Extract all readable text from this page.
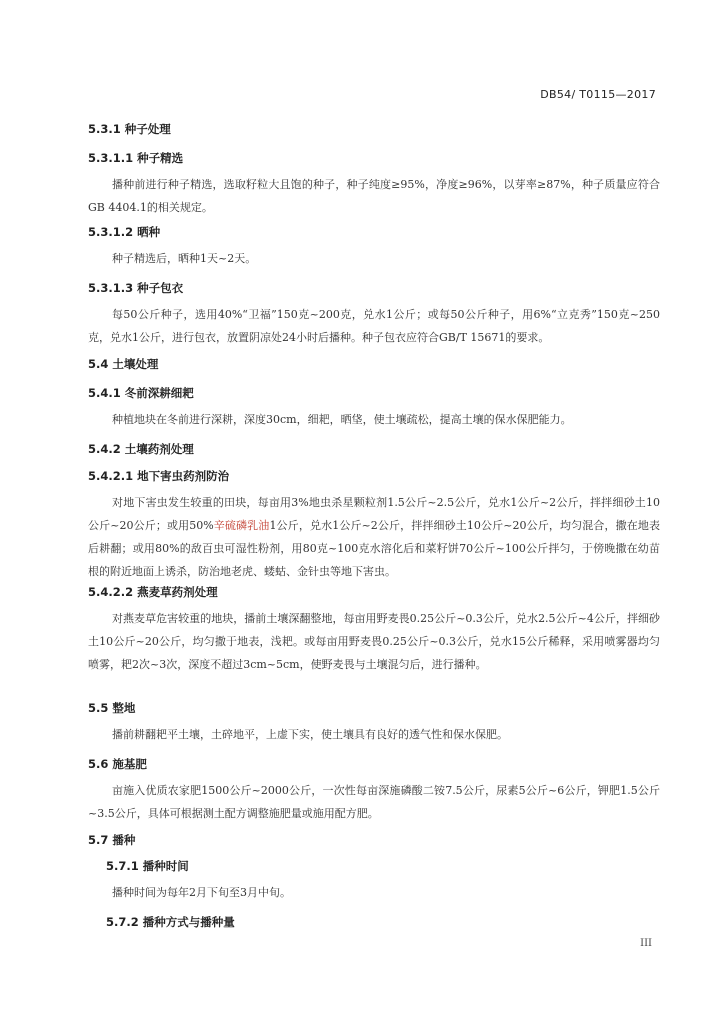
DB54/ T0115—2017
5.3.1 种子处理
5.3.1.1 种子精选
播种前进行种子精选，选取籽粒大且饱的种子，种子纯度≥95%，净度≥96%，以芽率≥87%，种子质量应符合GB 4404.1的相关规定。
5.3.1.2 晒种
种子精选后，晒种1天~2天。
5.3.1.3 种子包衣
每50公斤种子，选用40%“卫福”150克~200克，兑水1公斤；或每50公斤种子，用6%“立克秀”150克~250克，兑水1公斤，进行包衣，放置阴凉处24小时后播种。种子包衣应符合GB/T 15671的要求。
5.4 土壤处理
5.4.1 冬前深耕细耙
种植地块在冬前进行深耕，深度30cm，细耙，晒垡，使土壤疏松，提高土壤的保水保肥能力。
5.4.2 土壤药剂处理
5.4.2.1 地下害虫药剂防治
对地下害虫发生较重的田块，每亩用3%地虫杀星颗粒剂1.5公斤~2.5公斤，兑水1公斤~2公斤，拌拌细砂土10公斤~20公斤；或用50%辛硫磷乳油1公斤，兑水1公斤~2公斤，拌拌细砂土10公斤~20公斤，均匀混合，撒在地表后耕翻；或用80%的敌百虫可湿性粉剂，用80克~100克水溶化后和菜籽饼70公斤~100公斤拌匀，于傍晚撒在幼苗根的附近地面上诱杀，防治地老虎、蝼蛄、金针虫等地下害虫。
5.4.2.2 燕麦草药剂处理
对燕麦草危害较重的地块，播前土壤深翻整地，每亩用野麦畏0.25公斤~0.3公斤，兑水2.5公斤~4公斤，拌细砂土10公斤~20公斤，均匀撒于地表，浅耙。或每亩用野麦畏0.25公斤~0.3公斤，兑水15公斤稀释，采用喷雾器均匀喷雾，耙2次~3次，深度不超过3cm~5cm，使野麦畏与土壤混匀后，进行播种。
5.5 整地
播前耕翻耙平土壤，土碎地平，上虚下实，使土壤具有良好的透气性和保水保肥。
5.6 施基肥
亩施入优质农家肥1500公斤~2000公斤，一次性每亩深施磷酸二铵7.5公斤，尿素5公斤~6公斤，钾肥1.5公斤~3.5公斤，具体可根据测土配方调整施肥量或施用配方肥。
5.7 播种
5.7.1 播种时间
播种时间为每年2月下旬至3月中旬。
5.7.2 播种方式与播种量
III
